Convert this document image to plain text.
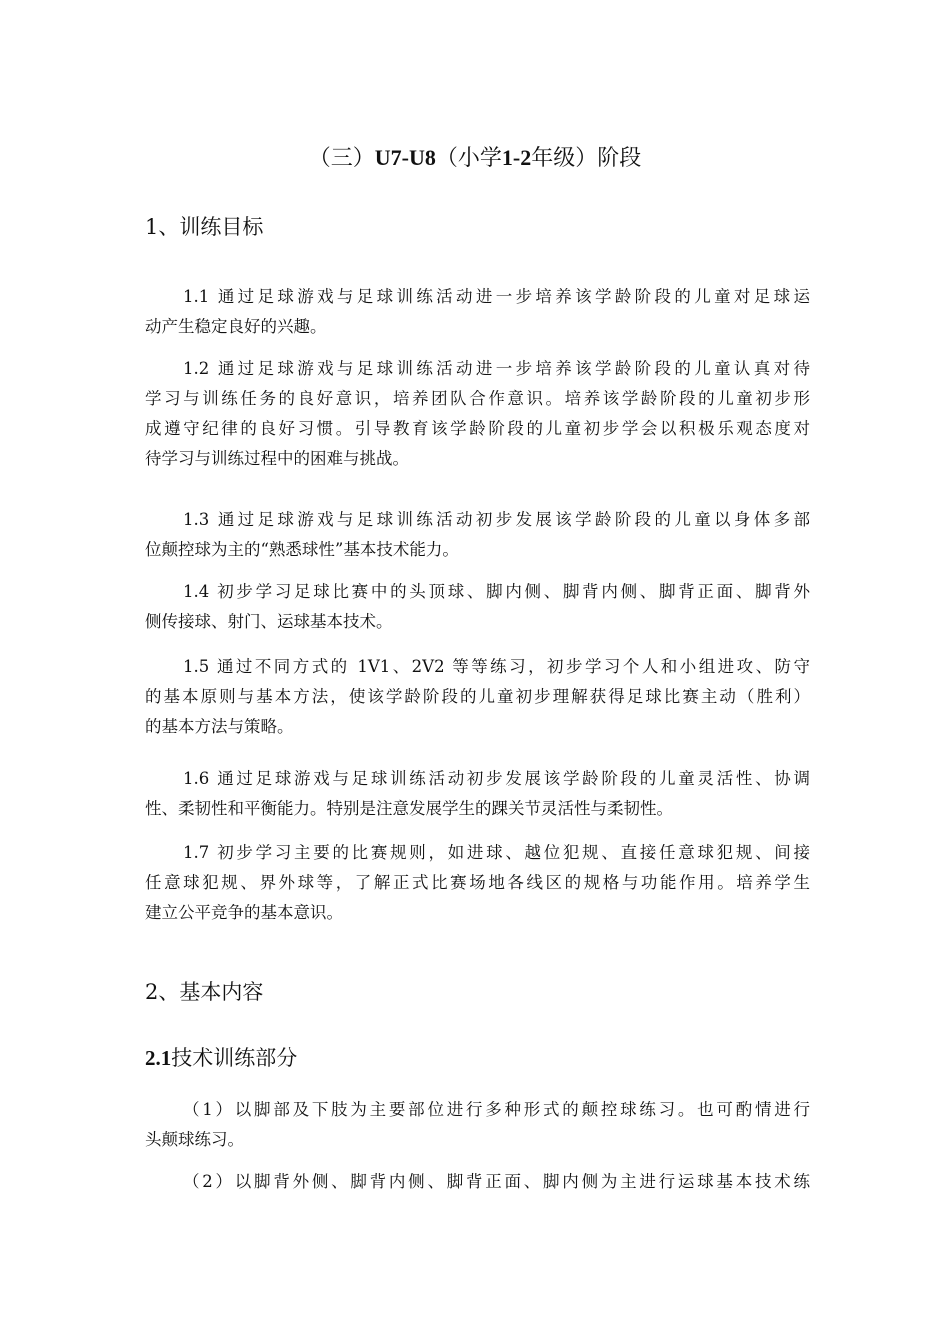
（三）U7-U8（小学1-2年级）阶段
1、训练目标
1.1 通过足球游戏与足球训练活动进一步培养该学龄阶段的儿童对足球运
动产生稳定良好的兴趣。
1.2 通过足球游戏与足球训练活动进一步培养该学龄阶段的儿童认真对待
学习与训练任务的良好意识，培养团队合作意识。培养该学龄阶段的儿童初步形
成遵守纪律的良好习惯。引导教育该学龄阶段的儿童初步学会以积极乐观态度对
待学习与训练过程中的困难与挑战。
1.3 通过足球游戏与足球训练活动初步发展该学龄阶段的儿童以身体多部
位颠控球为主的“熟悉球性”基本技术能力。
1.4 初步学习足球比赛中的头顶球、脚内侧、脚背内侧、脚背正面、脚背外
侧传接球、射门、运球基本技术。
1.5 通过不同方式的 1V1、2V2 等等练习，初步学习个人和小组进攻、防守
的基本原则与基本方法，使该学龄阶段的儿童初步理解获得足球比赛主动（胜利）
的基本方法与策略。
1.6 通过足球游戏与足球训练活动初步发展该学龄阶段的儿童灵活性、协调
性、柔韧性和平衡能力。特别是注意发展学生的踝关节灵活性与柔韧性。
1.7 初步学习主要的比赛规则，如进球、越位犯规、直接任意球犯规、间接
任意球犯规、界外球等，了解正式比赛场地各线区的规格与功能作用。培养学生
建立公平竞争的基本意识。
2、基本内容
2.1技术训练部分
（1）以脚部及下肢为主要部位进行多种形式的颠控球练习。也可酌情进行
头颠球练习。
（2）以脚背外侧、脚背内侧、脚背正面、脚内侧为主进行运球基本技术练
